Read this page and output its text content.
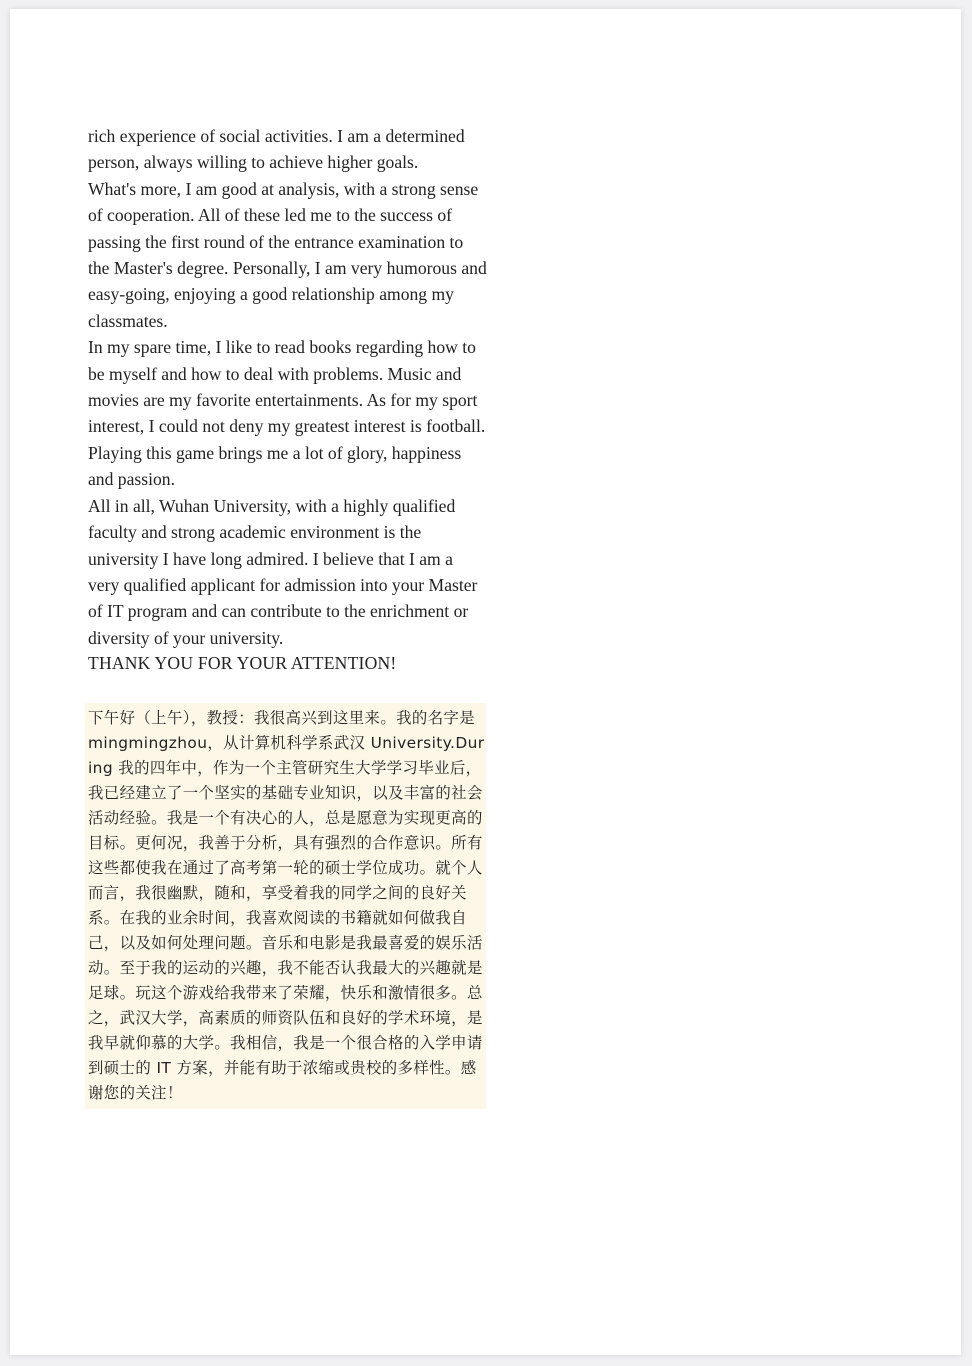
rich experience of social activities. I am a determined person, always willing to achieve higher goals.

What's more, I am good at analysis, with a strong sense of cooperation. All of these led me to the success of passing the first round of the entrance examination to the Master's degree. Personally, I am very humorous and easy-going, enjoying a good relationship among my classmates.

In my spare time, I like to read books regarding how to be myself and how to deal with problems. Music and movies are my favorite entertainments. As for my sport interest, I could not deny my greatest interest is football. Playing this game brings me a lot of glory, happiness and passion.

All in all, Wuhan University, with a highly qualified faculty and strong academic environment is the university I have long admired. I believe that I am a very qualified applicant for admission into your Master of IT program and can contribute to the enrichment or diversity of your university.

THANK YOU FOR YOUR ATTENTION!

下午好（上午），教授：我很高兴到这里来。我的名字是 mingmingzhou，从计算机科学系武汉 University.During 我的四年中，作为一个主管研究生大学学习毕业后，我已经建立了一个坚实的基础专业知识，以及丰富的社会活动经验。我是一个有决心的人，总是愿意为实现更高的目标。更何况，我善于分析，具有强烈的合作意识。所有这些都使我在通过了高考第一轮的硕士学位成功。就个人而言，我很幽默，随和，享受着我的同学之间的良好关系。在我的业余时间，我喜欢阅读的书籍就如何做我自己，以及如何处理问题。音乐和电影是我最喜爱的娱乐活动。至于我的运动的兴趣，我不能否认我最大的兴趣就是足球。玩这个游戏给我带来了荣耀，快乐和激情很多。总之，武汉大学，高素质的师资队伍和良好的学术环境，是我早就仰慕的大学。我相信，我是一个很合格的入学申请到硕士的 IT 方案，并能有助于浓缩或贵校的多样性。感谢您的关注！
